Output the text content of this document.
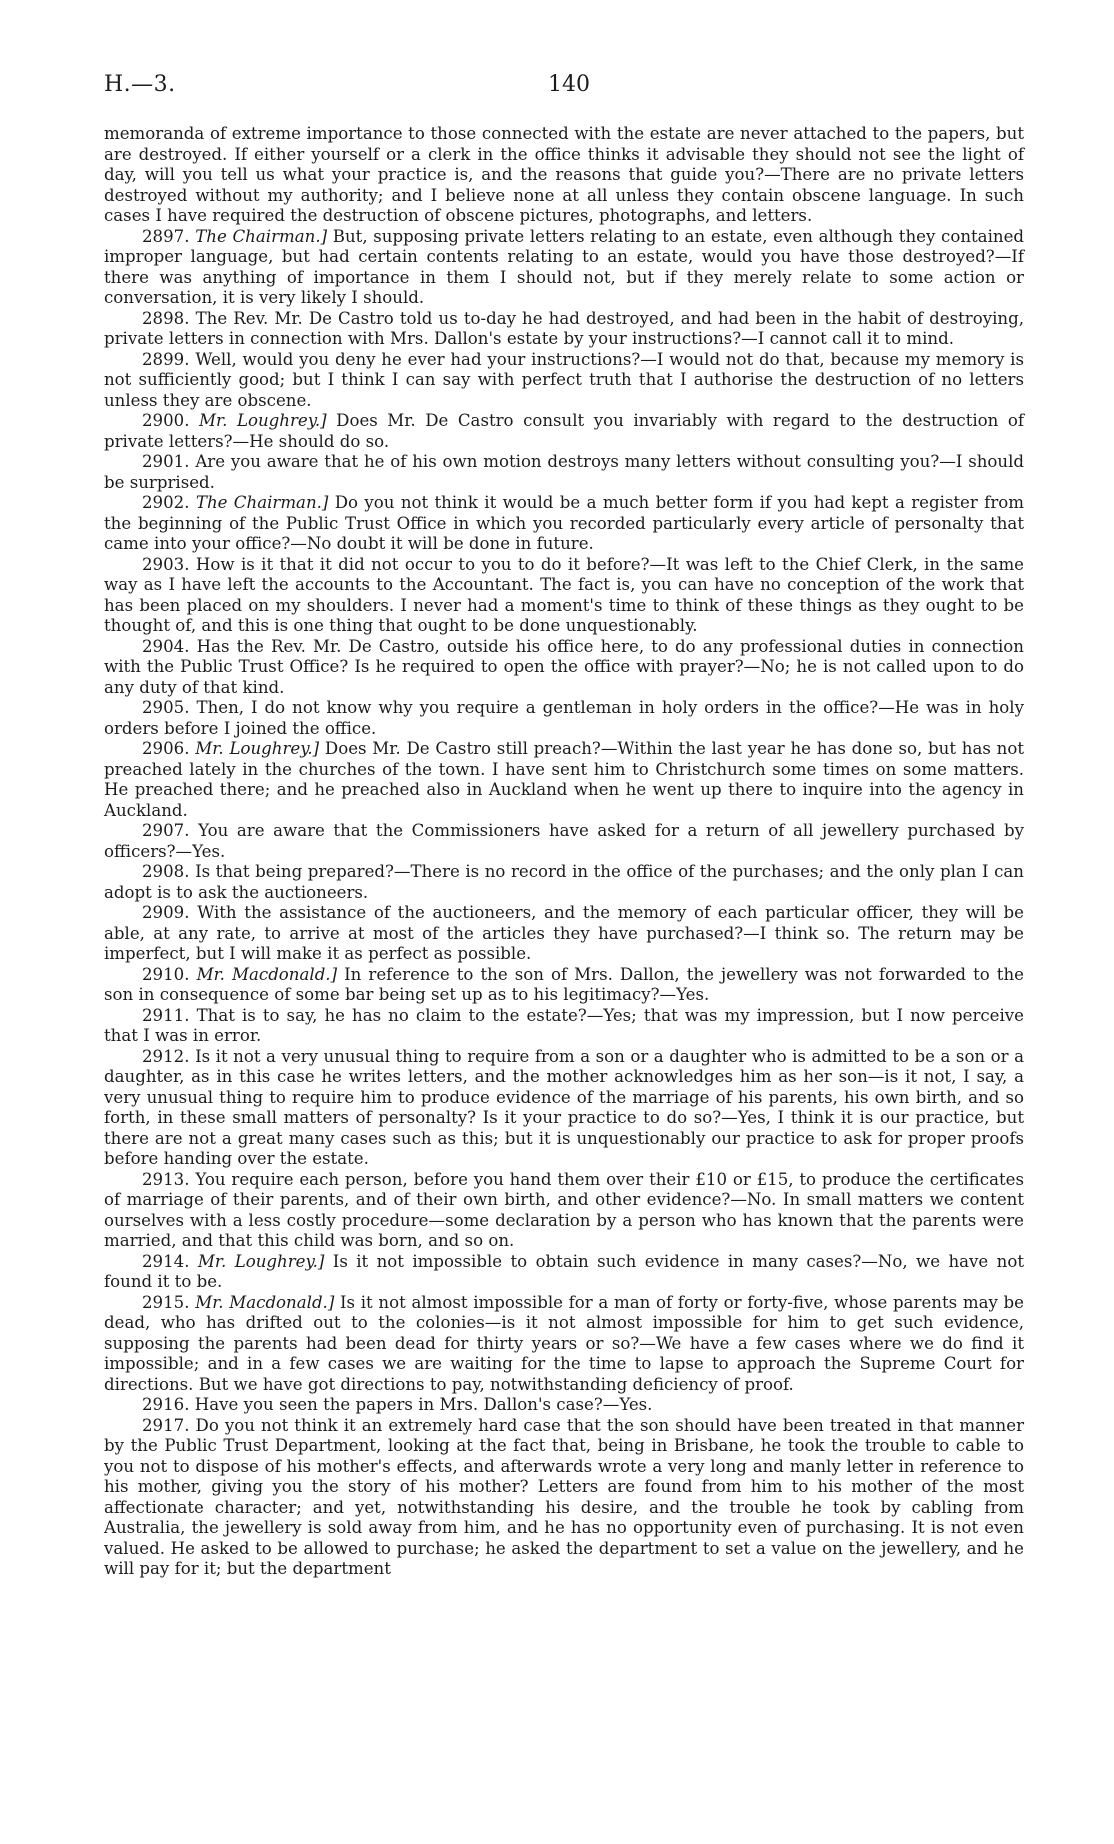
H.—3.	140

memoranda of extreme importance to those connected with the estate are never attached to the papers, but are destroyed. If either yourself or a clerk in the office thinks it advisable they should not see the light of day, will you tell us what your practice is, and the reasons that guide you?—There are no private letters destroyed without my authority; and I believe none at all unless they contain obscene language. In such cases I have required the destruction of obscene pictures, photographs, and letters.

2897. The Chairman.] But, supposing private letters relating to an estate, even although they contained improper language, but had certain contents relating to an estate, would you have those destroyed?—If there was anything of importance in them I should not, but if they merely relate to some action or conversation, it is very likely I should.

2898. The Rev. Mr. De Castro told us to-day he had destroyed, and had been in the habit of destroying, private letters in connection with Mrs. Dallon's estate by your instructions?—I cannot call it to mind.

2899. Well, would you deny he ever had your instructions?—I would not do that, because my memory is not sufficiently good; but I think I can say with perfect truth that I authorise the destruction of no letters unless they are obscene.

2900. Mr. Loughrey.] Does Mr. De Castro consult you invariably with regard to the destruction of private letters?—He should do so.

2901. Are you aware that he of his own motion destroys many letters without consulting you?—I should be surprised.

2902. The Chairman.] Do you not think it would be a much better form if you had kept a register from the beginning of the Public Trust Office in which you recorded particularly every article of personalty that came into your office?—No doubt it will be done in future.

2903. How is it that it did not occur to you to do it before?—It was left to the Chief Clerk, in the same way as I have left the accounts to the Accountant. The fact is, you can have no conception of the work that has been placed on my shoulders. I never had a moment's time to think of these things as they ought to be thought of, and this is one thing that ought to be done unquestionably.

2904. Has the Rev. Mr. De Castro, outside his office here, to do any professional duties in connection with the Public Trust Office? Is he required to open the office with prayer?—No; he is not called upon to do any duty of that kind.

2905. Then, I do not know why you require a gentleman in holy orders in the office?—He was in holy orders before I joined the office.

2906. Mr. Loughrey.] Does Mr. De Castro still preach?—Within the last year he has done so, but has not preached lately in the churches of the town. I have sent him to Christchurch some times on some matters. He preached there; and he preached also in Auckland when he went up there to inquire into the agency in Auckland.

2907. You are aware that the Commissioners have asked for a return of all jewellery purchased by officers?—Yes.

2908. Is that being prepared?—There is no record in the office of the purchases; and the only plan I can adopt is to ask the auctioneers.

2909. With the assistance of the auctioneers, and the memory of each particular officer, they will be able, at any rate, to arrive at most of the articles they have purchased?—I think so. The return may be imperfect, but I will make it as perfect as possible.

2910. Mr. Macdonald.] In reference to the son of Mrs. Dallon, the jewellery was not forwarded to the son in consequence of some bar being set up as to his legitimacy?—Yes.

2911. That is to say, he has no claim to the estate?—Yes; that was my impression, but I now perceive that I was in error.

2912. Is it not a very unusual thing to require from a son or a daughter who is admitted to be a son or a daughter, as in this case he writes letters, and the mother acknowledges him as her son—is it not, I say, a very unusual thing to require him to produce evidence of the marriage of his parents, his own birth, and so forth, in these small matters of personalty? Is it your practice to do so?—Yes, I think it is our practice, but there are not a great many cases such as this; but it is unquestionably our practice to ask for proper proofs before handing over the estate.

2913. You require each person, before you hand them over their £10 or £15, to produce the certificates of marriage of their parents, and of their own birth, and other evidence?—No. In small matters we content ourselves with a less costly procedure—some declaration by a person who has known that the parents were married, and that this child was born, and so on.

2914. Mr. Loughrey.] Is it not impossible to obtain such evidence in many cases?—No, we have not found it to be.

2915. Mr. Macdonald.] Is it not almost impossible for a man of forty or forty-five, whose parents may be dead, who has drifted out to the colonies—is it not almost impossible for him to get such evidence, supposing the parents had been dead for thirty years or so?—We have a few cases where we do find it impossible; and in a few cases we are waiting for the time to lapse to approach the Supreme Court for directions. But we have got directions to pay, notwithstanding deficiency of proof.

2916. Have you seen the papers in Mrs. Dallon's case?—Yes.

2917. Do you not think it an extremely hard case that the son should have been treated in that manner by the Public Trust Department, looking at the fact that, being in Brisbane, he took the trouble to cable to you not to dispose of his mother's effects, and afterwards wrote a very long and manly letter in reference to his mother, giving you the story of his mother? Letters are found from him to his mother of the most affectionate character; and yet, notwithstanding his desire, and the trouble he took by cabling from Australia, the jewellery is sold away from him, and he has no opportunity even of purchasing. It is not even valued. He asked to be allowed to purchase; he asked the department to set a value on the jewellery, and he will pay for it; but the department
